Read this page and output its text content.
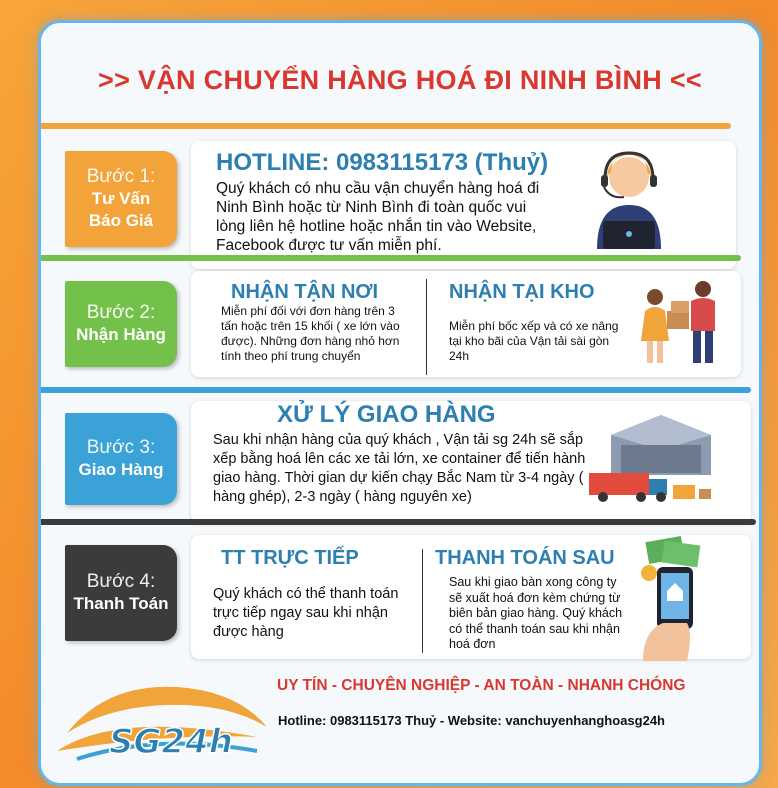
>> VẬN CHUYỂN HÀNG HOÁ ĐI NINH BÌNH <<
Bước 1:
Tư Vấn
Báo Giá
HOTLINE: 0983115173 (Thuỷ)
Quý khách có nhu cầu vận chuyển hàng hoá đi Ninh Bình hoặc từ Ninh Bình đi toàn quốc vui lòng liên hệ hotline hoặc nhắn tin vào Website, Facebook được tư vấn miễn phí.
Bước 2:
Nhận Hàng
NHẬN TẬN NƠI
Miễn phí đối với đơn hàng trên 3 tấn hoặc trên 15 khối ( xe lớn vào được). Những đơn hàng nhỏ hơn tính theo phí trung chuyển
NHẬN TẠI KHO
Miễn phí bốc xếp và có xe nâng tại kho bãi của Vận tải sài gòn 24h
Bước 3:
Giao Hàng
XỬ LÝ GIAO HÀNG
Sau khi nhận hàng của quý khách , Vận tải sg 24h sẽ sắp xếp bằng hoá lên các xe tải lớn, xe container để tiến hành giao hàng. Thời gian dự kiến chạy Bắc Nam từ 3-4 ngày ( hàng ghép), 2-3 ngày ( hàng nguyên xe)
Bước 4:
Thanh Toán
TT TRỰC TIẾP
Quý khách có thể thanh toán trực tiếp ngay sau khi nhận được hàng
THANH TOÁN SAU
Sau khi giao bàn xong công ty sẽ xuất hoá đơn kèm chứng từ biên bản giao hàng. Quý khách có thể thanh toán sau khi nhận hoá đơn
SG24h
UY TÍN - CHUYÊN NGHIỆP - AN TOÀN - NHANH CHÓNG
Hotline: 0983115173 Thuỷ - Website: vanchuyenhanghoasg24h
